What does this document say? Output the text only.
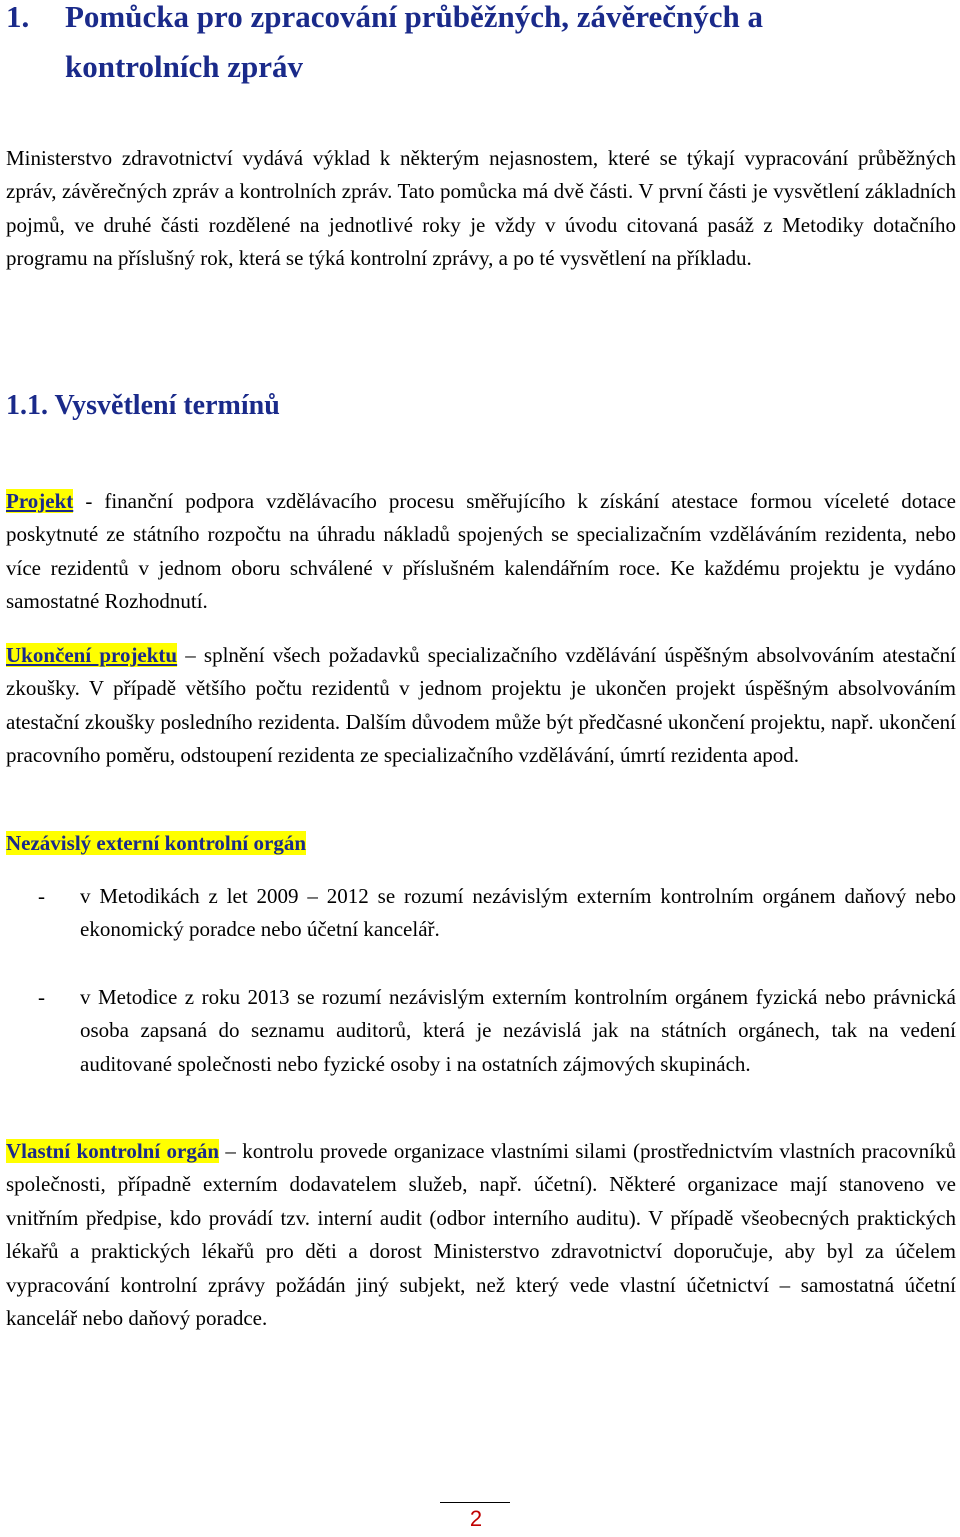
1. Pomůcka pro zpracování průběžných, závěrečných a
kontrolních zpráv

Ministerstvo zdravotnictví vydává výklad k některým nejasnostem, které se týkají vypracování průběžných zpráv, závěrečných zpráv a kontrolních zpráv. Tato pomůcka má dvě části. V první části je vysvětlení základních pojmů, ve druhé části rozdělené na jednotlivé roky je vždy v úvodu citovaná pasáž z Metodiky dotačního programu na příslušný rok, která se týká kontrolní zprávy, a po té vysvětlení na příkladu.

1.1. Vysvětlení termínů

Projekt - finanční podpora vzdělávacího procesu směřujícího k získání atestace formou víceleté dotace poskytnuté ze státního rozpočtu na úhradu nákladů spojených se specializačním vzděláváním rezidenta, nebo více rezidentů v jednom oboru schválené v příslušném kalendářním roce. Ke každému projektu je vydáno samostatné Rozhodnutí.

Ukončení projektu – splnění všech požadavků specializačního vzdělávání úspěšným absolvováním atestační zkoušky. V případě většího počtu rezidentů v jednom projektu je ukončen projekt úspěšným absolvováním atestační zkoušky posledního rezidenta. Dalším důvodem může být předčasné ukončení projektu, např. ukončení pracovního poměru, odstoupení rezidenta ze specializačního vzdělávání, úmrtí rezidenta apod.

Nezávislý externí kontrolní orgán

- v Metodikách z let 2009 – 2012 se rozumí nezávislým externím kontrolním orgánem daňový nebo ekonomický poradce nebo účetní kancelář.

- v Metodice z roku 2013 se rozumí nezávislým externím kontrolním orgánem fyzická nebo právnická osoba zapsaná do seznamu auditorů, která je nezávislá jak na státních orgánech, tak na vedení auditované společnosti nebo fyzické osoby i na ostatních zájmových skupinách.

Vlastní kontrolní orgán – kontrolu provede organizace vlastními silami (prostřednictvím vlastních pracovníků společnosti, případně externím dodavatelem služeb, např. účetní). Některé organizace mají stanoveno ve vnitřním předpise, kdo provádí tzv. interní audit (odbor interního auditu). V případě všeobecných praktických lékařů a praktických lékařů pro děti a dorost Ministerstvo zdravotnictví doporučuje, aby byl za účelem vypracování kontrolní zprávy požádán jiný subjekt, než který vede vlastní účetnictví – samostatná účetní kancelář nebo daňový poradce.

2
